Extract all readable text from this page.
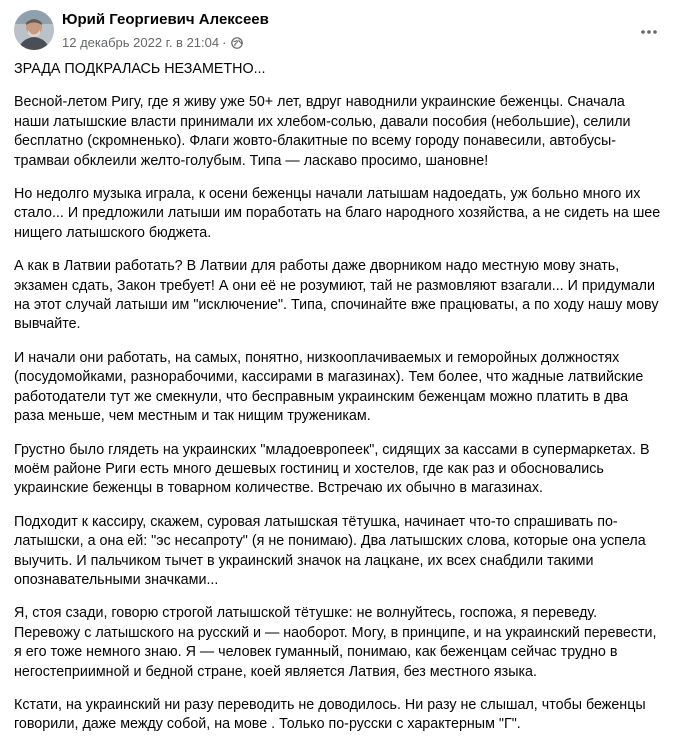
Юрий Георгиевич Алексеев
12 декабрь 2022 г. в 21:04 ·

ЗРАДА ПОДКРАЛАСЬ НЕЗАМЕТНО...

Весной-летом Ригу, где я живу уже 50+ лет, вдруг наводнили украинские беженцы. Сначала наши латышские власти принимали их хлебом-солью, давали пособия (небольшие), селили бесплатно (скромненько). Флаги жовто-блакитные по всему городу понавесили, автобусы-трамваи обклеили желто-голубым. Типа — ласкаво просимо, шановне!

Но недолго музыка играла, к осени беженцы начали латышам надоедать, уж больно много их стало... И предложили латыши им поработать на благо народного хозяйства, а не сидеть на шее нищего латышского бюджета.

А как в Латвии работать? В Латвии для работы даже дворником надо местную мову знать, экзамен сдать, Закон требует! А они её не розумиют, тай не размовляют взагали... И придумали на этот случай латыши им "исключение". Типа, спочинайте вже працюваты, а по ходу нашу мову вывчайте.

И начали они работать, на самых, понятно, низкооплачиваемых и геморойных должностях (посудомойками, разнорабочими, кассирами в магазинах). Тем более, что жадные латвийские работодатели тут же смекнули, что бесправным украинским беженцам можно платить в два раза меньше, чем местным и так нищим труженикам.

Грустно было глядеть на украинских "младоевропеек", сидящих за кассами в супермаркетах. В моём районе Риги есть много дешевых гостиниц и хостелов, где как раз и обосновались украинские беженцы в товарном количестве. Встречаю их обычно в магазинах.

Подходит к кассиру, скажем, суровая латышская тётушка, начинает что-то спрашивать по-латышски, а она ей: "эс несапроту" (я не понимаю). Два латышских слова, которые она успела выучить. И пальчиком тычет в украинский значок на лацкане, их всех снабдили такими опознавательными значками...

Я, стоя сзади, говорю строгой латышской тётушке: не волнуйтесь, госпожа, я переведу. Перевожу с латышского на русский и — наоборот. Могу, в принципе, и на украинский перевести, я его тоже немного знаю. Я — человек гуманный, понимаю, как беженцам сейчас трудно в негостеприимной и бедной стране, коей является Латвия, без местного языка.

Кстати, на украинский ни разу переводить не доводилось. Ни разу не слышал, чтобы беженцы говорили, даже между собой, на мове . Только по-русски с характерным "Г".
